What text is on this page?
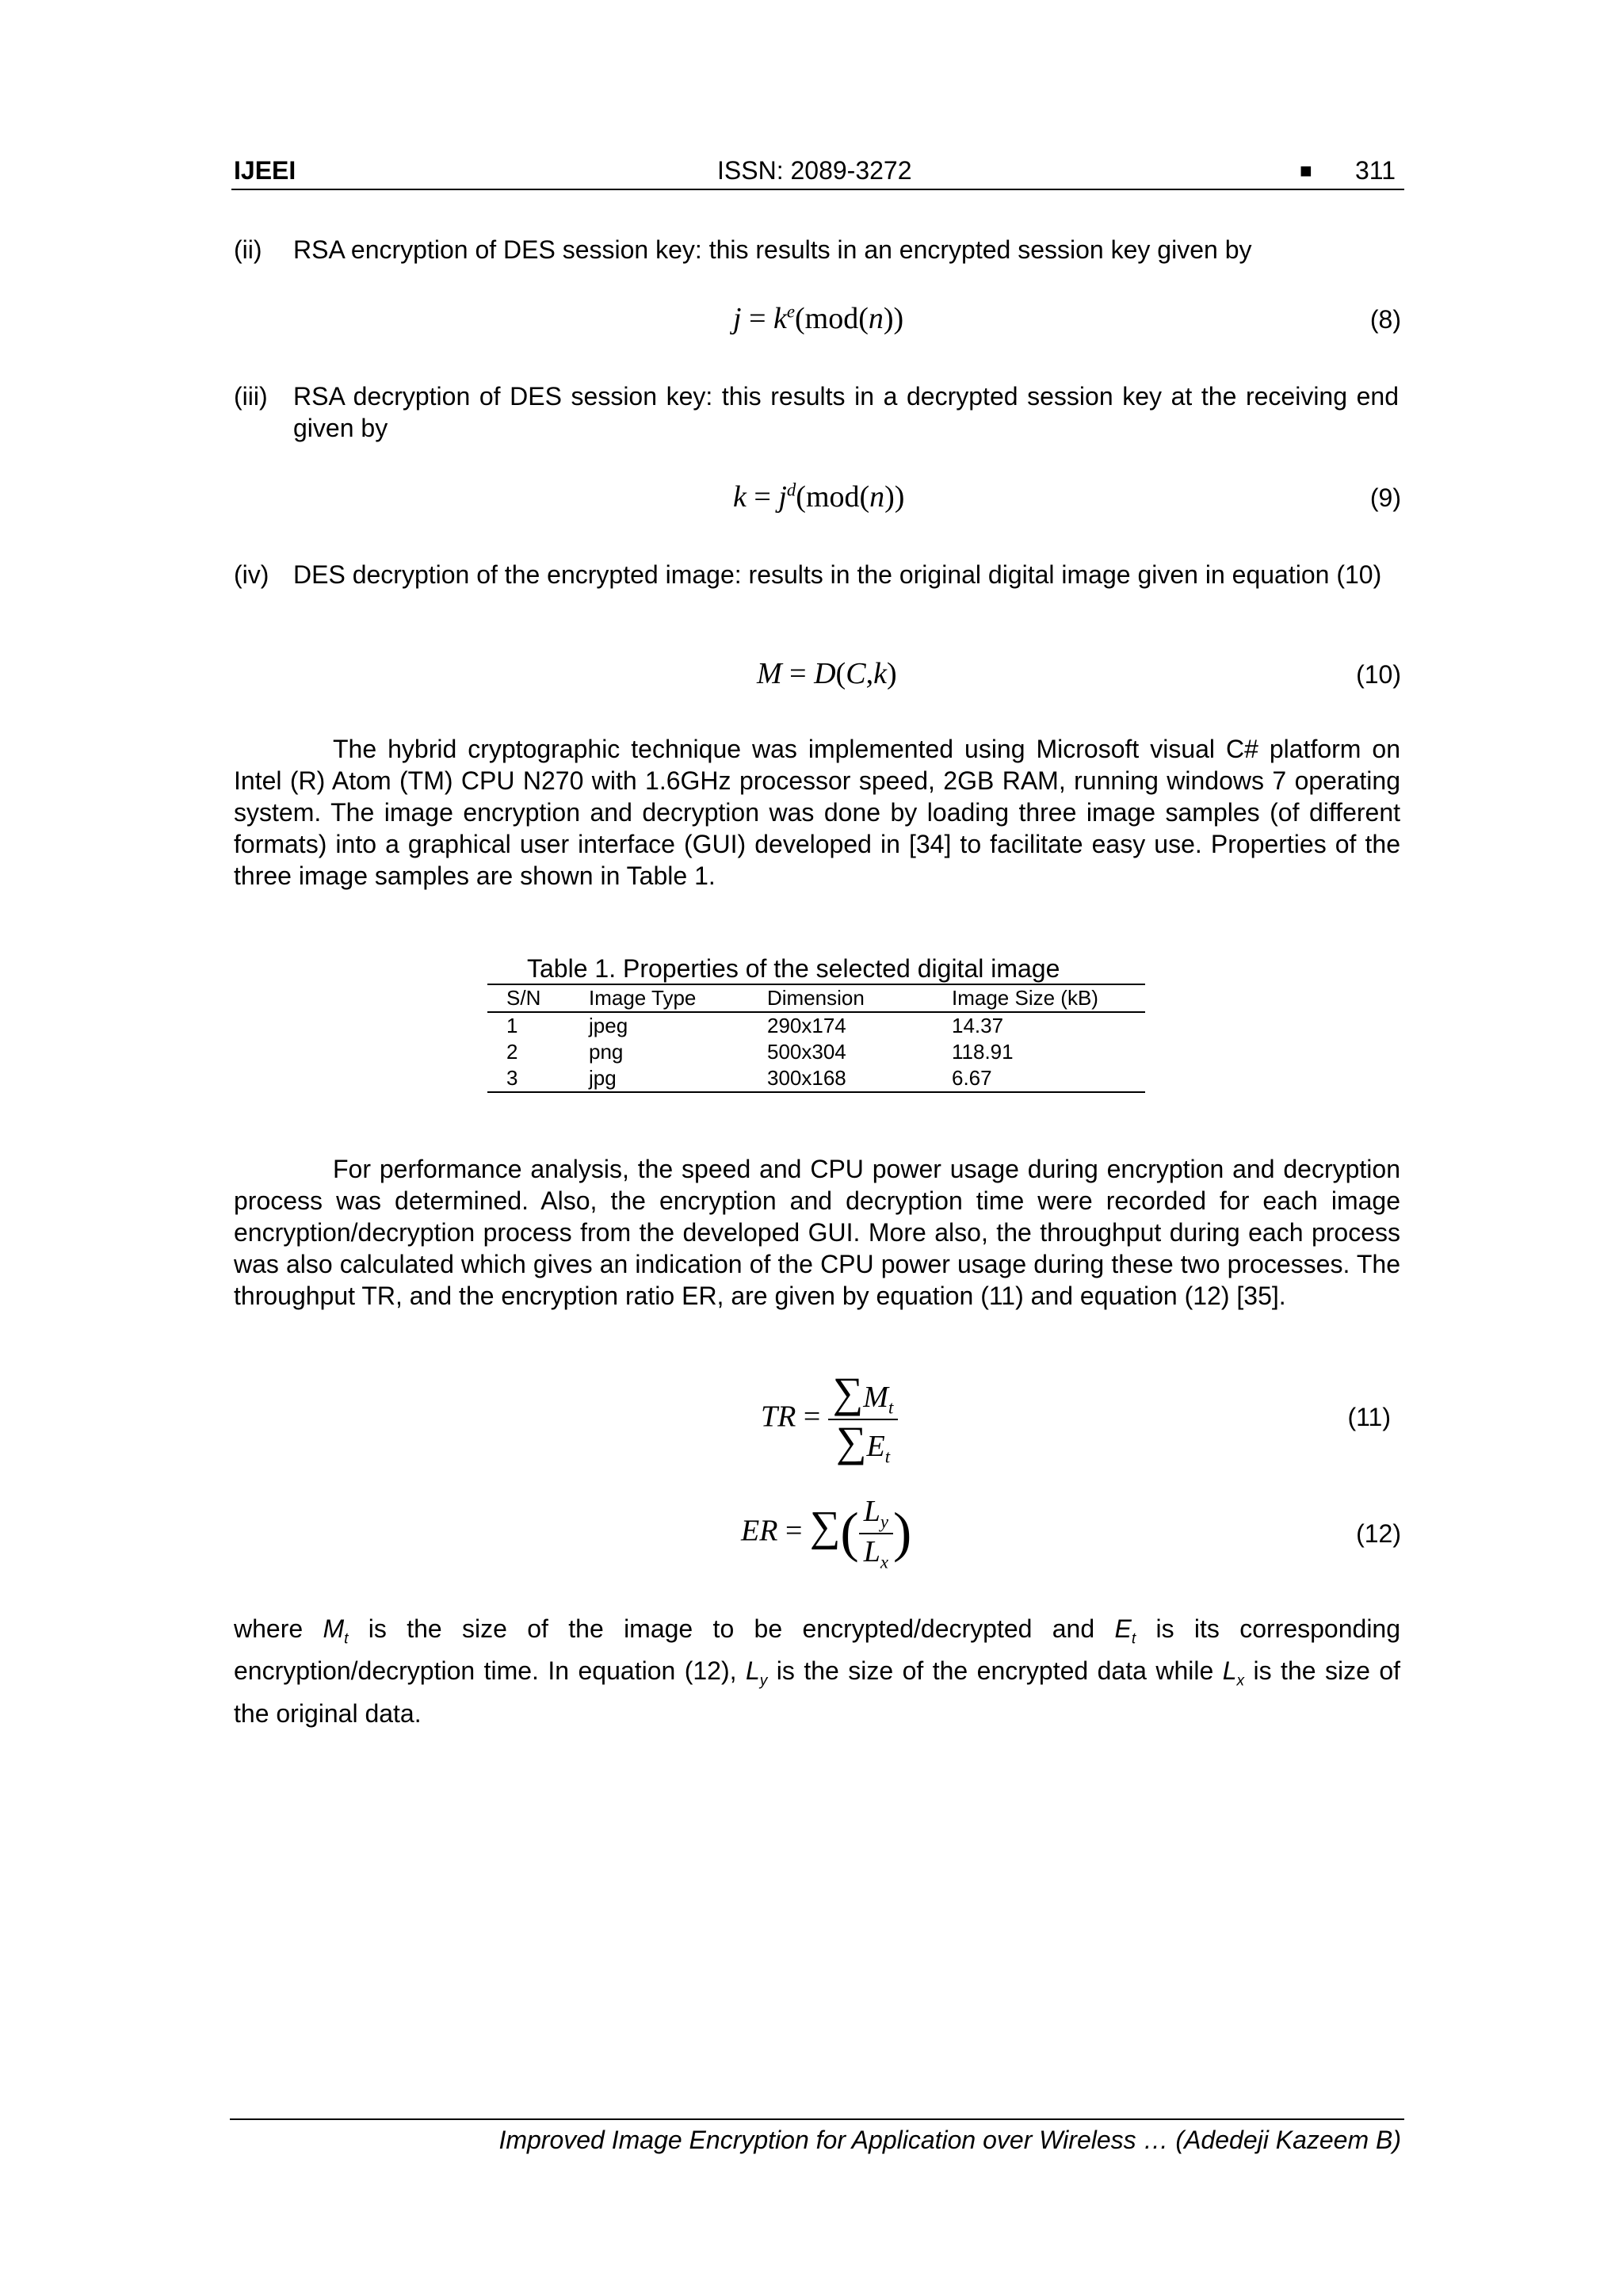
IJEEI	ISSN: 2089-3272	■ 311
(ii) RSA encryption of DES session key: this results in an encrypted session key given by
$j = k^e(mod(n))$	(8)
(iii) RSA decryption of DES session key: this results in a decrypted session key at the receiving end given by
$k = j^d(mod(n))$	(9)
(iv) DES decryption of the encrypted image: results in the original digital image given in equation (10)
M = D(C,k)	(10)
The hybrid cryptographic technique was implemented using Microsoft visual C# platform on Intel (R) Atom (TM) CPU N270 with 1.6GHz processor speed, 2GB RAM, running windows 7 operating system. The image encryption and decryption was done by loading three image samples (of different formats) into a graphical user interface (GUI) developed in [34] to facilitate easy use. Properties of the three image samples are shown in Table 1.
Table 1. Properties of the selected digital image
S/N	Image Type	Dimension	Image Size (kB)
1	jpeg	290x174	14.37
2	png	500x304	118.91
3	jpg	300x168	6.67
For performance analysis, the speed and CPU power usage during encryption and decryption process was determined. Also, the encryption and decryption time were recorded for each image encryption/decryption process from the developed GUI. More also, the throughput during each process was also calculated which gives an indication of the CPU power usage during these two processes. The throughput TR, and the encryption ratio ER, are given by equation (11) and equation (12) [35].
TR = $\frac{\sum M_t}{\sum E_t}$	(11)
ER = ∑( $\frac{L_y}{L_x}$ )	(12)
where $M_t$ is the size of the image to be encrypted/decrypted and $E_t$ is its corresponding encryption/decryption time. In equation (12), $L_y$ is the size of the encrypted data while $L_x$ is the size of the original data.
Improved Image Encryption for Application over Wireless … (Adedeji Kazeem B)
